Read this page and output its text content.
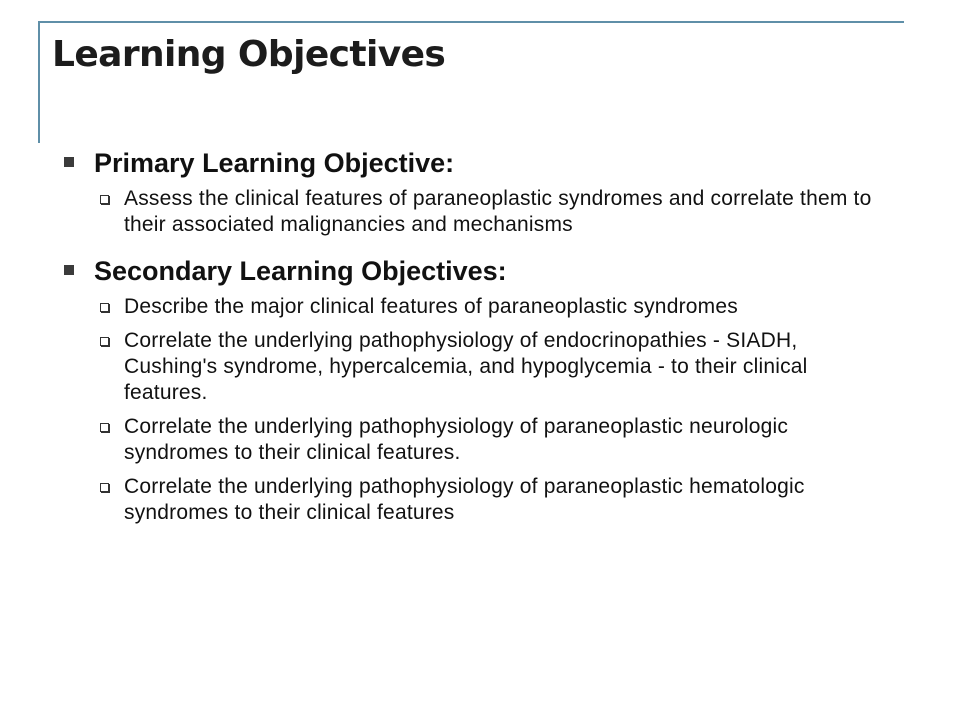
Learning Objectives
Primary Learning Objective:
Assess the clinical features of paraneoplastic syndromes and correlate them to their associated malignancies and mechanisms
Secondary Learning Objectives:
Describe the major clinical features of paraneoplastic syndromes
Correlate the underlying pathophysiology of endocrinopathies - SIADH, Cushing's syndrome, hypercalcemia, and hypoglycemia - to their clinical features.
Correlate the underlying pathophysiology of paraneoplastic neurologic syndromes to their clinical features.
Correlate the underlying pathophysiology of paraneoplastic hematologic syndromes to their clinical features
